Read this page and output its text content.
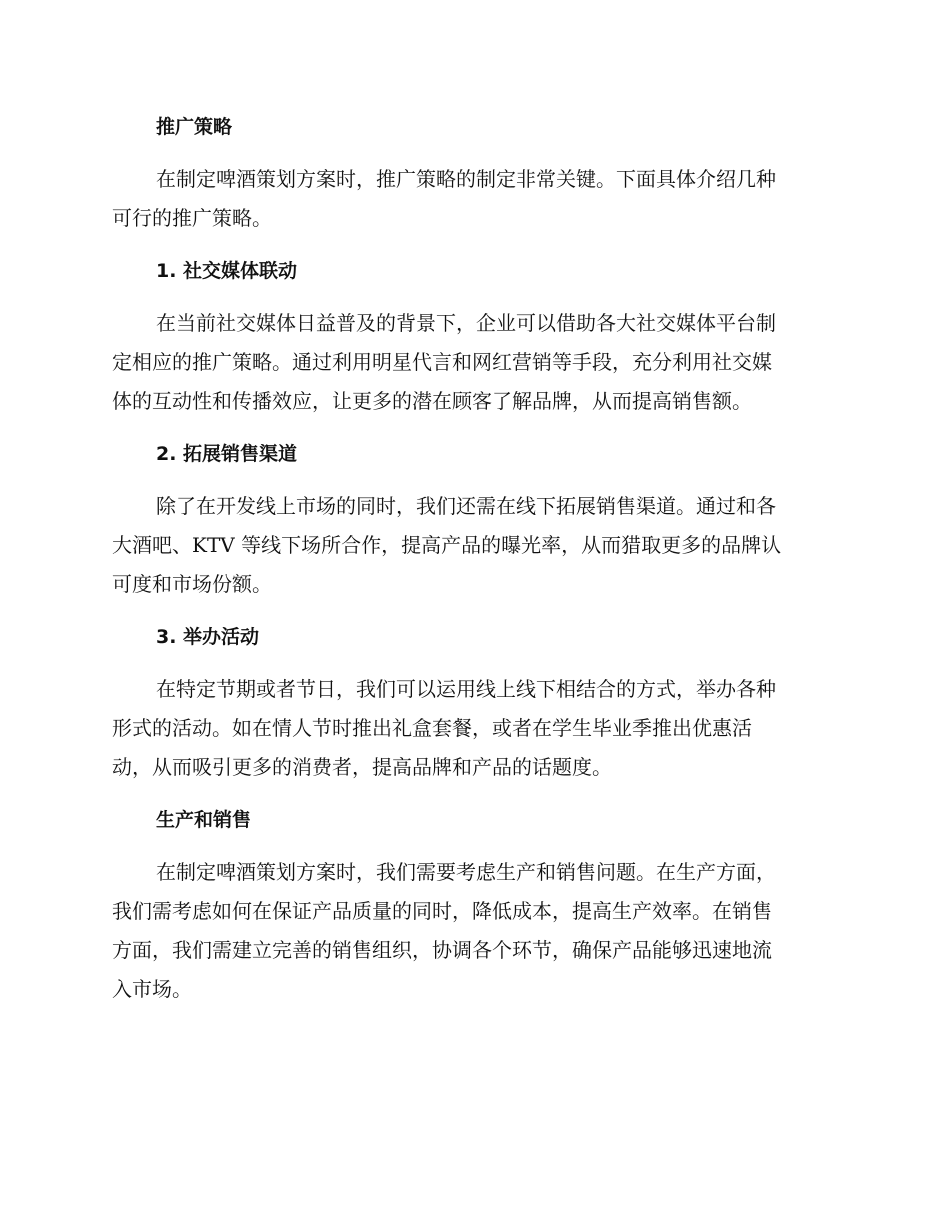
推广策略

在制定啤酒策划方案时，推广策略的制定非常关键。下面具体介绍几种
可行的推广策略。

1. 社交媒体联动

在当前社交媒体日益普及的背景下，企业可以借助各大社交媒体平台制
定相应的推广策略。通过利用明星代言和网红营销等手段，充分利用社交媒
体的互动性和传播效应，让更多的潜在顾客了解品牌，从而提高销售额。

2. 拓展销售渠道

除了在开发线上市场的同时，我们还需在线下拓展销售渠道。通过和各
大酒吧、KTV 等线下场所合作，提高产品的曝光率，从而猎取更多的品牌认
可度和市场份额。

3. 举办活动

在特定节期或者节日，我们可以运用线上线下相结合的方式，举办各种
形式的活动。如在情人节时推出礼盒套餐，或者在学生毕业季推出优惠活
动，从而吸引更多的消费者，提高品牌和产品的话题度。

生产和销售

在制定啤酒策划方案时，我们需要考虑生产和销售问题。在生产方面，
我们需考虑如何在保证产品质量的同时，降低成本，提高生产效率。在销售
方面，我们需建立完善的销售组织，协调各个环节，确保产品能够迅速地流
入市场。
